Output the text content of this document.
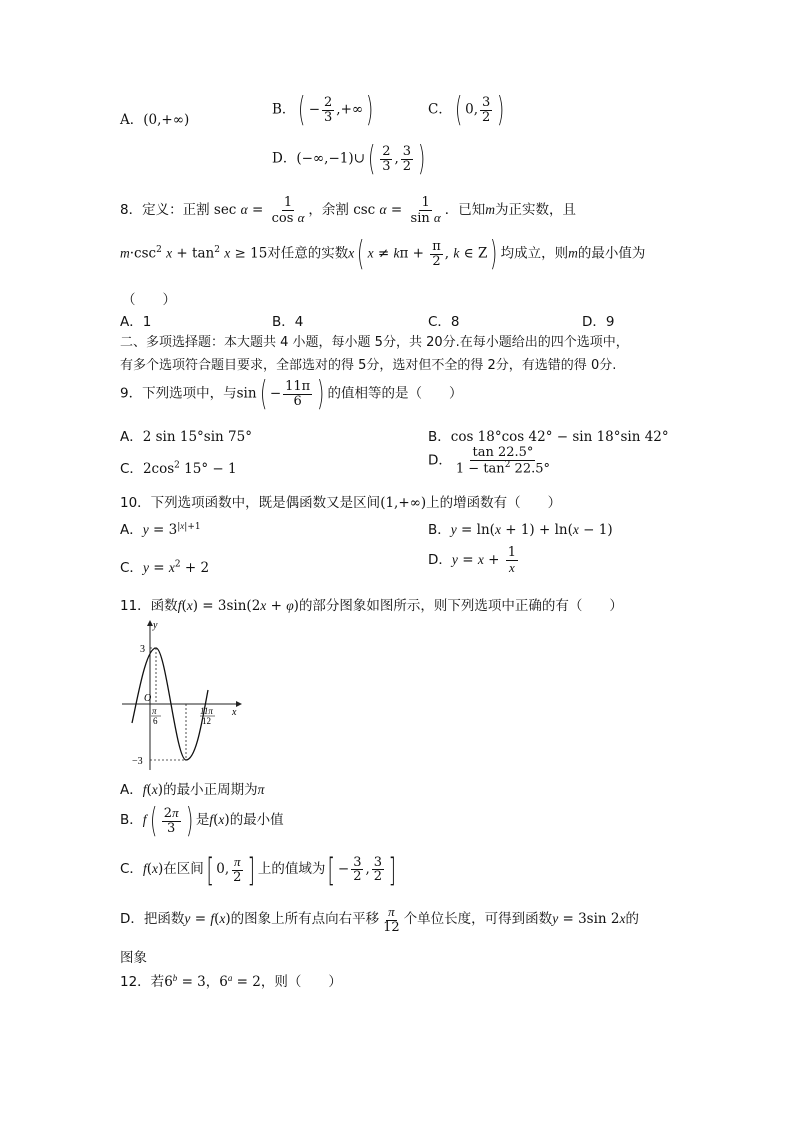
A．(0,+∞)
B．( − $\frac{2}{3}$ ,+∞)	C．( 0, $\frac{3}{2}$ )
D．(−∞,−1)∪( $\frac{2}{3}$ , $\frac{3}{2}$ )
8．定义：正割 $\sec \alpha = \frac{1}{\text{cos α}}$ ，余割 $\csc \alpha = \frac{1}{\text{sin α}}$ ．已知m为正实数，且
$m\cdot\csc^2$ $x + \tan^2 x \ge 15$对任意的实数x( $x \ne k\pi + \frac{\pi}{2}$ , k ∈ Z) 均成立，则m的最小值为
（　　）
A．1	B．4	C．8	D．9
二、多项选择题：本大题共 4 小题，每小题 5分，共 20分.在每小题给出的四个选项中，
有多个选项符合题目要求，全部选对的得 5分，选对但不全的得 2分，有选错的得 0分.
9．下列选项中，与$\sin( - \frac{11\pi}{6}$ ) 的值相等的是（　　）
A．2 sin 15°sin 75°	B．cos 18°cos 42° − sin 18°sin 42°
C．$2\cos^2$ 15° − 1
D． $\frac{\tan 22.5^\circ}{1 - \tan^2 22.5^\circ}$
10．下列选项函数中，既是偶函数又是区间(1,+∞)上的增函数有（　　）
A．$y = 3^{|x|+1}$	B．y = ln(x + 1) + ln(x − 1)
C．$y = x^2 + 2$	D．$y = x + \frac{1}{x}$
11．函数f(x) = 3sin(2x + φ)的部分图象如图所示，则下列选项中正确的有（　　）
y
x
3
−3
O
π
6
11π
12
A．f(x)的最小正周期为π
B．$f( \frac{2\pi}{3}$ ) 是f(x)的最小值
C．f(x)在区间[ 0, $\frac{\pi}{2}$ ] 上的值域为[ − $\frac{3}{2}$ , $\frac{3}{2}$ ]
D．把函数y = f(x)的图象上所有点向右平移 $\frac{\pi}{12}$ 个单位长度，可得到函数y = 3sin 2x的
图象
12．若$6^b = 3$，$6^a = 2$，则（　　）
